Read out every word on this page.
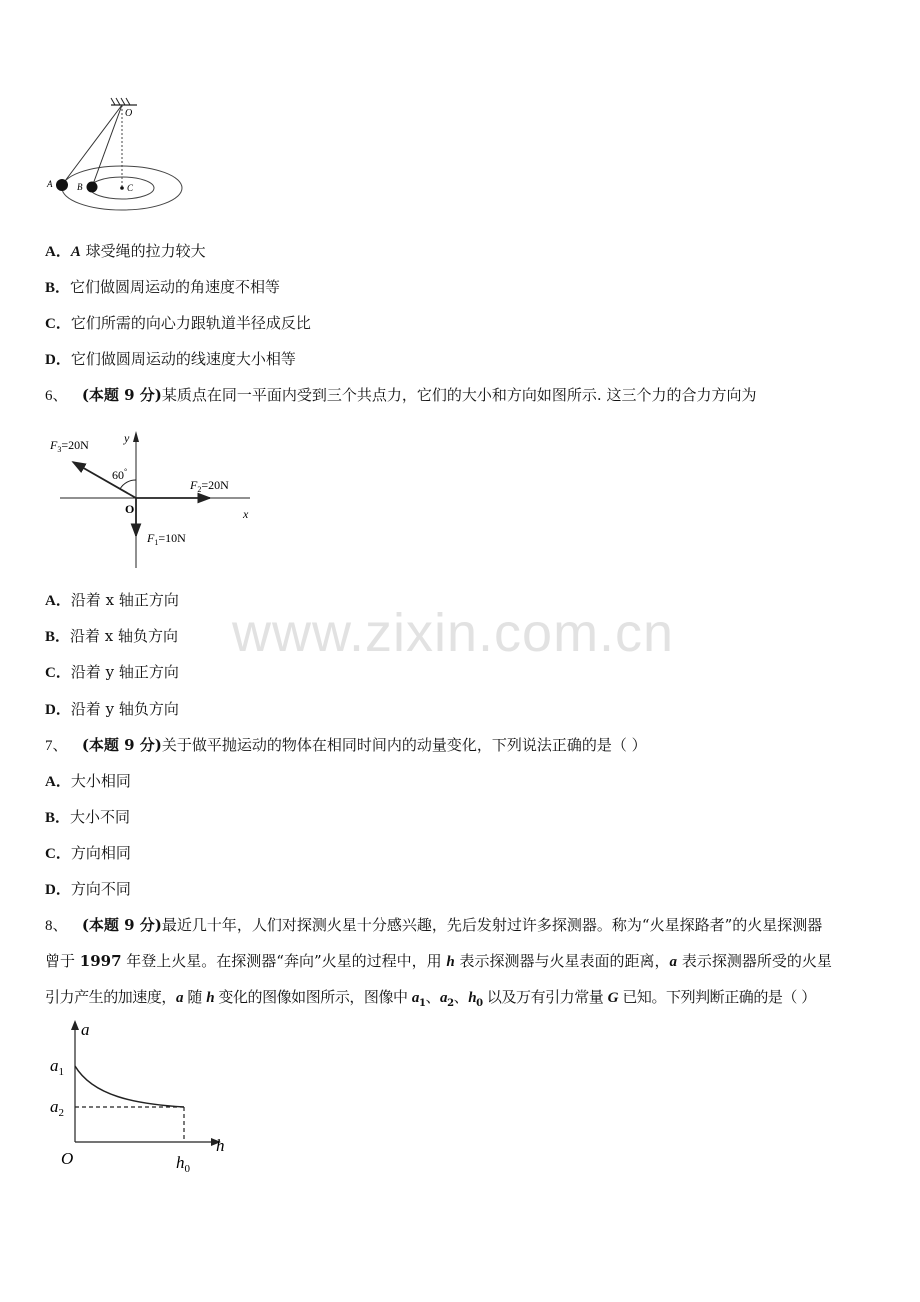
O
A	B	C
A．A 球受绳的拉力较大
B．它们做圆周运动的角速度不相等
C．它们所需的向心力跟轨道半径成反比
D．它们做圆周运动的线速度大小相等
6、 (本题 9 分)某质点在同一平面内受到三个共点力，它们的大小和方向如图所示. 这三个力的合力方向为
$F_3=20N$
60°
$F_2=20N$
O	x
y
$F_1=10N$
A．沿着 x 轴正方向
B．沿着 x 轴负方向
C．沿着 y 轴正方向
D．沿着 y 轴负方向
www.zixin.com.cn
7、 (本题 9 分)关于做平抛运动的物体在相同时间内的动量变化，下列说法正确的是（ ）
A．大小相同
B．大小不同
C．方向相同
D．方向不同
8、 (本题 9 分)最近几十年，人们对探测火星十分感兴趣，先后发射过许多探测器。称为“火星探路者”的火星探测器
曾于 1997 年登上火星。在探测器“奔向”火星的过程中，用 h 表示探测器与火星表面的距离，a 表示探测器所受的火星
引力产生的加速度，a 随 h 变化的图像如图所示，图像中 $a_1$、$a_2$、$h_0$ 以及万有引力常量 G 已知。下列判断正确的是（ ）
a
$a_1$
$a_2$
O
h
$h_0$
